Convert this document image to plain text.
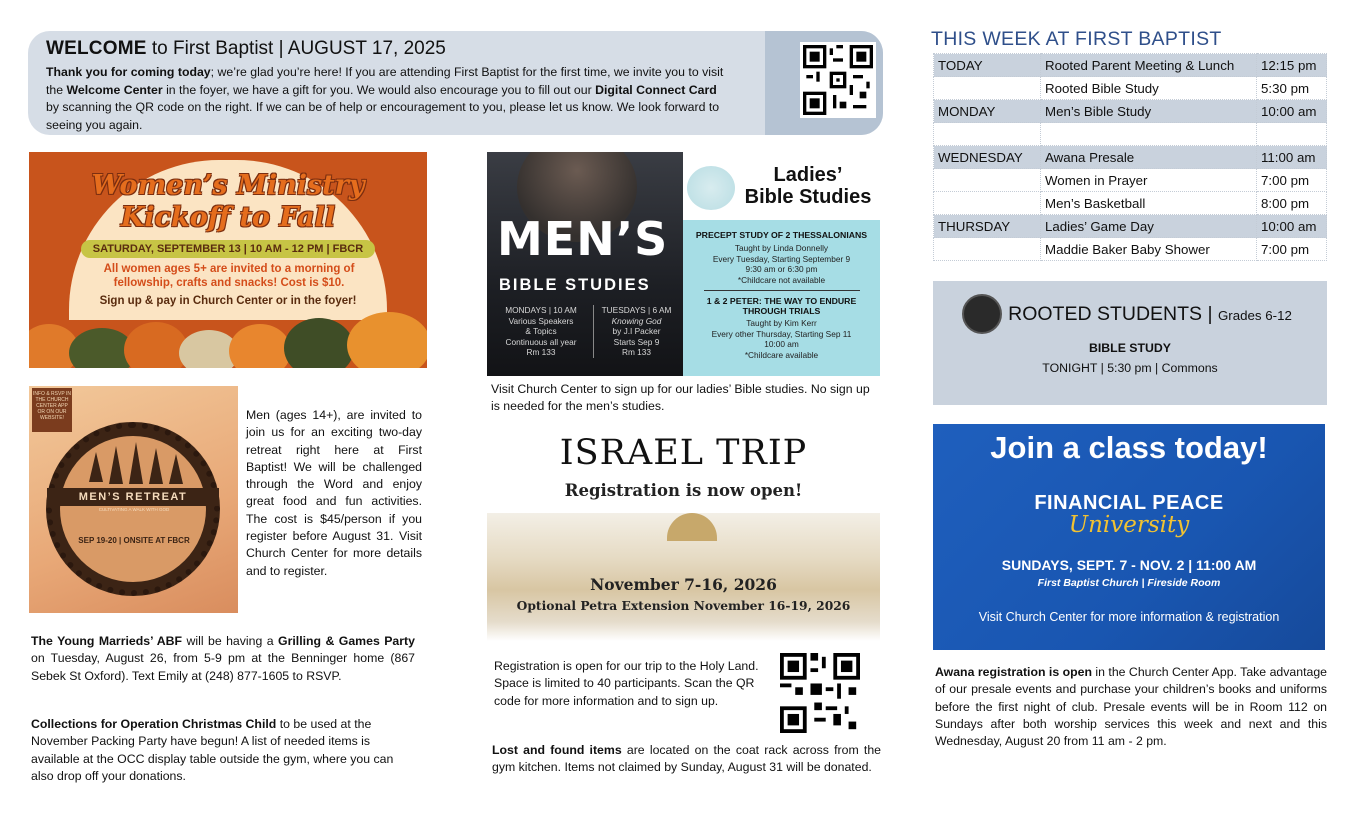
WELCOME to First Baptist | AUGUST 17, 2025
Thank you for coming today; we’re glad you’re here! If you are attending First Baptist for the first time, we invite you to visit the Welcome Center in the foyer, we have a gift for you. We would also encourage you to fill out our Digital Connect Card by scanning the QR code on the right. If we can be of help or encouragement to you, please let us know. We look forward to seeing you again.
Women’s Ministry
Kickoff to Fall
SATURDAY, SEPTEMBER 13 | 10 AM - 12 PM | FBCR
All women ages 5+ are invited to a morning of fellowship, crafts and snacks! Cost is $10.
Sign up & pay in Church Center or in the foyer!
INFO & RSVP IN THE CHURCH CENTER APP OR ON OUR WEBSITE!
MEN’S RETREAT
CULTIVATING A WALK WITH GOD
SEP 19-20 | ONSITE AT FBCR
Men (ages 14+), are invited to join us for an exciting two-day retreat right here at First Baptist! We will be challenged through the Word and enjoy great food and fun activities. The cost is $45/person if you register before August 31. Visit Church Center for more details and to register.
The Young Marrieds’ ABF will be having a Grilling & Games Party on Tuesday, August 26, from 5-9 pm at the Benninger home (867 Sebek St Oxford). Text Emily at (248) 877-1605 to RSVP.
Collections for Operation Christmas Child to be used at the November Packing Party have begun! A list of needed items is available at the OCC display table outside the gym, where you can also drop off your donations.
MEN’S
BIBLE STUDIES
MONDAYS | 10 AM
Various Speakers
& Topics
Continuous all year
Rm 133
TUESDAYS | 6 AM
Knowing God
by J.I Packer
Starts Sep 9
Rm 133
Ladies’
Bible Studies
PRECEPT STUDY OF 2 THESSALONIANS
Taught by Linda Donnelly
Every Tuesday, Starting September 9
9:30 am or 6:30 pm
*Childcare not available
1 & 2 PETER: THE WAY TO ENDURE THROUGH TRIALS
Taught by Kim Kerr
Every other Thursday, Starting Sep 11
10:00 am
*Childcare available
Visit Church Center to sign up for our ladies’ Bible studies. No sign up is needed for the men’s studies.
ISRAEL TRIP
Registration is now open!
November 7-16, 2026
Optional Petra Extension November 16-19, 2026
Registration is open for our trip to the Holy Land. Space is limited to 40 participants. Scan the QR code for more information and to sign up.
Lost and found items are located on the coat rack across from the gym kitchen. Items not claimed by Sunday, August 31 will be donated.
THIS WEEK AT FIRST BAPTIST
TODAY	Rooted Parent Meeting & Lunch	12:15 pm
	Rooted Bible Study	5:30 pm
MONDAY	Men’s Bible Study	10:00 am

WEDNESDAY	Awana Presale	11:00 am
	Women in Prayer	7:00 pm
	Men’s Basketball	8:00 pm
THURSDAY	Ladies’ Game Day	10:00 am
	Maddie Baker Baby Shower	7:00 pm
ROOTED STUDENTS | Grades 6-12
BIBLE STUDY
TONIGHT | 5:30 pm | Commons
Join a class today!
FINANCIAL PEACE
University
SUNDAYS, SEPT. 7 - NOV. 2 | 11:00 AM
First Baptist Church | Fireside Room
Visit Church Center for more information & registration
Awana registration is open in the Church Center App. Take advantage of our presale events and purchase your children’s books and uniforms before the first night of club. Presale events will be in Room 112 on Sundays after both worship services this week and next and this Wednesday, August 20 from 11 am - 2 pm.
